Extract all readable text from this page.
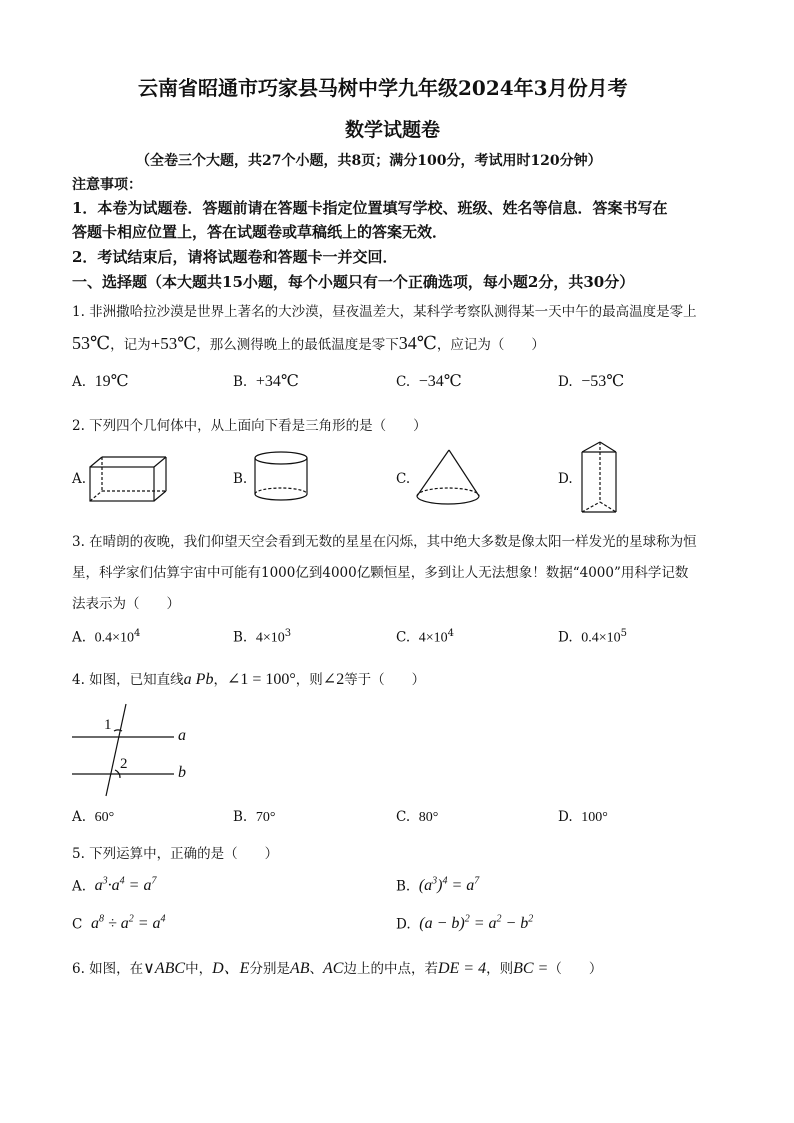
云南省昭通市巧家县马树中学九年级2024年3月份月考
数学试题卷
（全卷三个大题，共27个小题，共8页；满分100分，考试用时120分钟）
注意事项：
1．本卷为试题卷．答题前请在答题卡指定位置填写学校、班级、姓名等信息．答案书写在
答题卡相应位置上，答在试题卷或草稿纸上的答案无效．
2．考试结束后，请将试题卷和答题卡一并交回．
一、选择题（本大题共15小题，每个小题只有一个正确选项，每小题2分，共30分）
1. 非洲撒哈拉沙漠是世界上著名的大沙漠，昼夜温差大，某科学考察队测得某一天中午的最高温度是零上
53℃，记为+53℃，那么测得晚上的最低温度是零下34℃，应记为（　　）
A. 19℃	B. +34℃	C. −34℃	D. −53℃
2. 下列四个几何体中，从上面向下看是三角形的是（　　）
A.	B.	C.	D.
3. 在晴朗的夜晚，我们仰望天空会看到无数的星星在闪烁，其中绝大多数是像太阳一样发光的星球称为恒
星，科学家们估算宇宙中可能有1000亿到4000亿颗恒星，多到让人无法想象！数据“4000”用科学记数
法表示为（　　）
A. $0.4\times 10^4$	B. $4\times 10^3$	C. $4\times 10^4$	D. $0.4\times 10^5$
4. 如图，已知直线a Pb，∠1 = 100°，则∠2等于（　　）
1
2
a
b
A. 60°	B. 70°	C. 80°	D. 100°
5. 下列运算中，正确的是（　　）
A. $a^3\cdot a^4 = a^7$	B. $(a^3)^4 = a^7$
C $a^8 \div a^2 = a^4$	D. $(a - b)^2 = a^2 - b^2$
6. 如图，在∨ABC中，D、E分别是AB、AC边上的中点，若DE = 4，则BC =（　　）
